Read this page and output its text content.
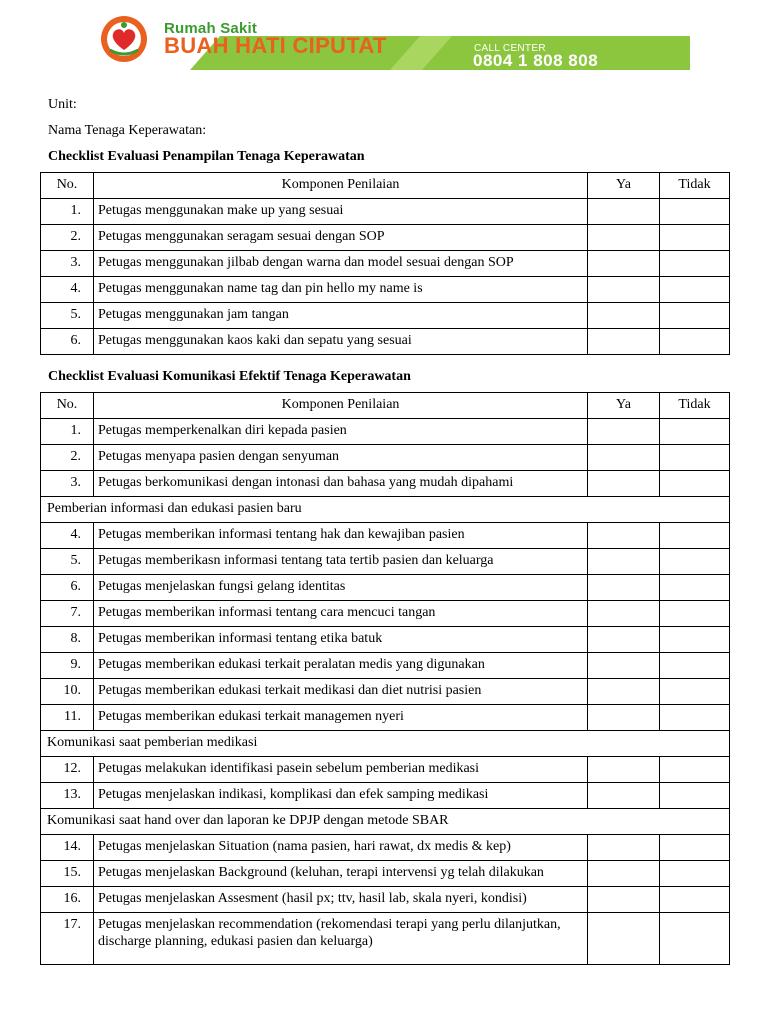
Rumah Sakit
BUAH HATI CIPUTAT	CALL CENTER
0804 1 808 808
Unit:
Nama Tenaga Keperawatan:
Checklist Evaluasi Penampilan Tenaga Keperawatan
No.	Komponen Penilaian	Ya	Tidak
1.	Petugas menggunakan make up yang sesuai		
2.	Petugas menggunakan seragam sesuai dengan SOP		
3.	Petugas menggunakan jilbab dengan warna dan model sesuai dengan SOP		
4.	Petugas menggunakan name tag dan pin hello my name is		
5.	Petugas menggunakan jam tangan		
6.	Petugas menggunakan kaos kaki dan sepatu yang sesuai		
Checklist Evaluasi Komunikasi Efektif Tenaga Keperawatan
No.	Komponen Penilaian	Ya	Tidak
1.	Petugas memperkenalkan diri kepada pasien		
2.	Petugas menyapa pasien dengan senyuman		
3.	Petugas berkomunikasi dengan intonasi dan bahasa yang mudah dipahami		
Pemberian informasi dan edukasi pasien baru			
4.	Petugas memberikan informasi tentang hak dan kewajiban pasien		
5.	Petugas memberikasn informasi tentang tata tertib pasien dan keluarga		
6.	Petugas menjelaskan fungsi gelang identitas		
7.	Petugas memberikan informasi tentang cara mencuci tangan		
8.	Petugas memberikan informasi tentang etika batuk		
9.	Petugas memberikan edukasi terkait peralatan medis yang digunakan		
10.	Petugas memberikan edukasi terkait medikasi dan diet nutrisi pasien		
11.	Petugas memberikan edukasi terkait managemen nyeri		
Komunikasi saat pemberian medikasi			
12.	Petugas melakukan identifikasi pasein sebelum pemberian medikasi		
13.	Petugas menjelaskan indikasi, komplikasi dan efek samping medikasi		
Komunikasi saat hand over dan laporan ke DPJP dengan metode SBAR			
14.	Petugas menjelaskan Situation (nama pasien, hari rawat, dx medis & kep)		
15.	Petugas menjelaskan Background (keluhan, terapi intervensi yg telah dilakukan		
16.	Petugas menjelaskan Assesment (hasil px; ttv, hasil lab, skala nyeri, kondisi)		
17.	Petugas menjelaskan recommendation (rekomendasi terapi yang perlu dilanjutkan, discharge planning, edukasi pasien dan keluarga)		
